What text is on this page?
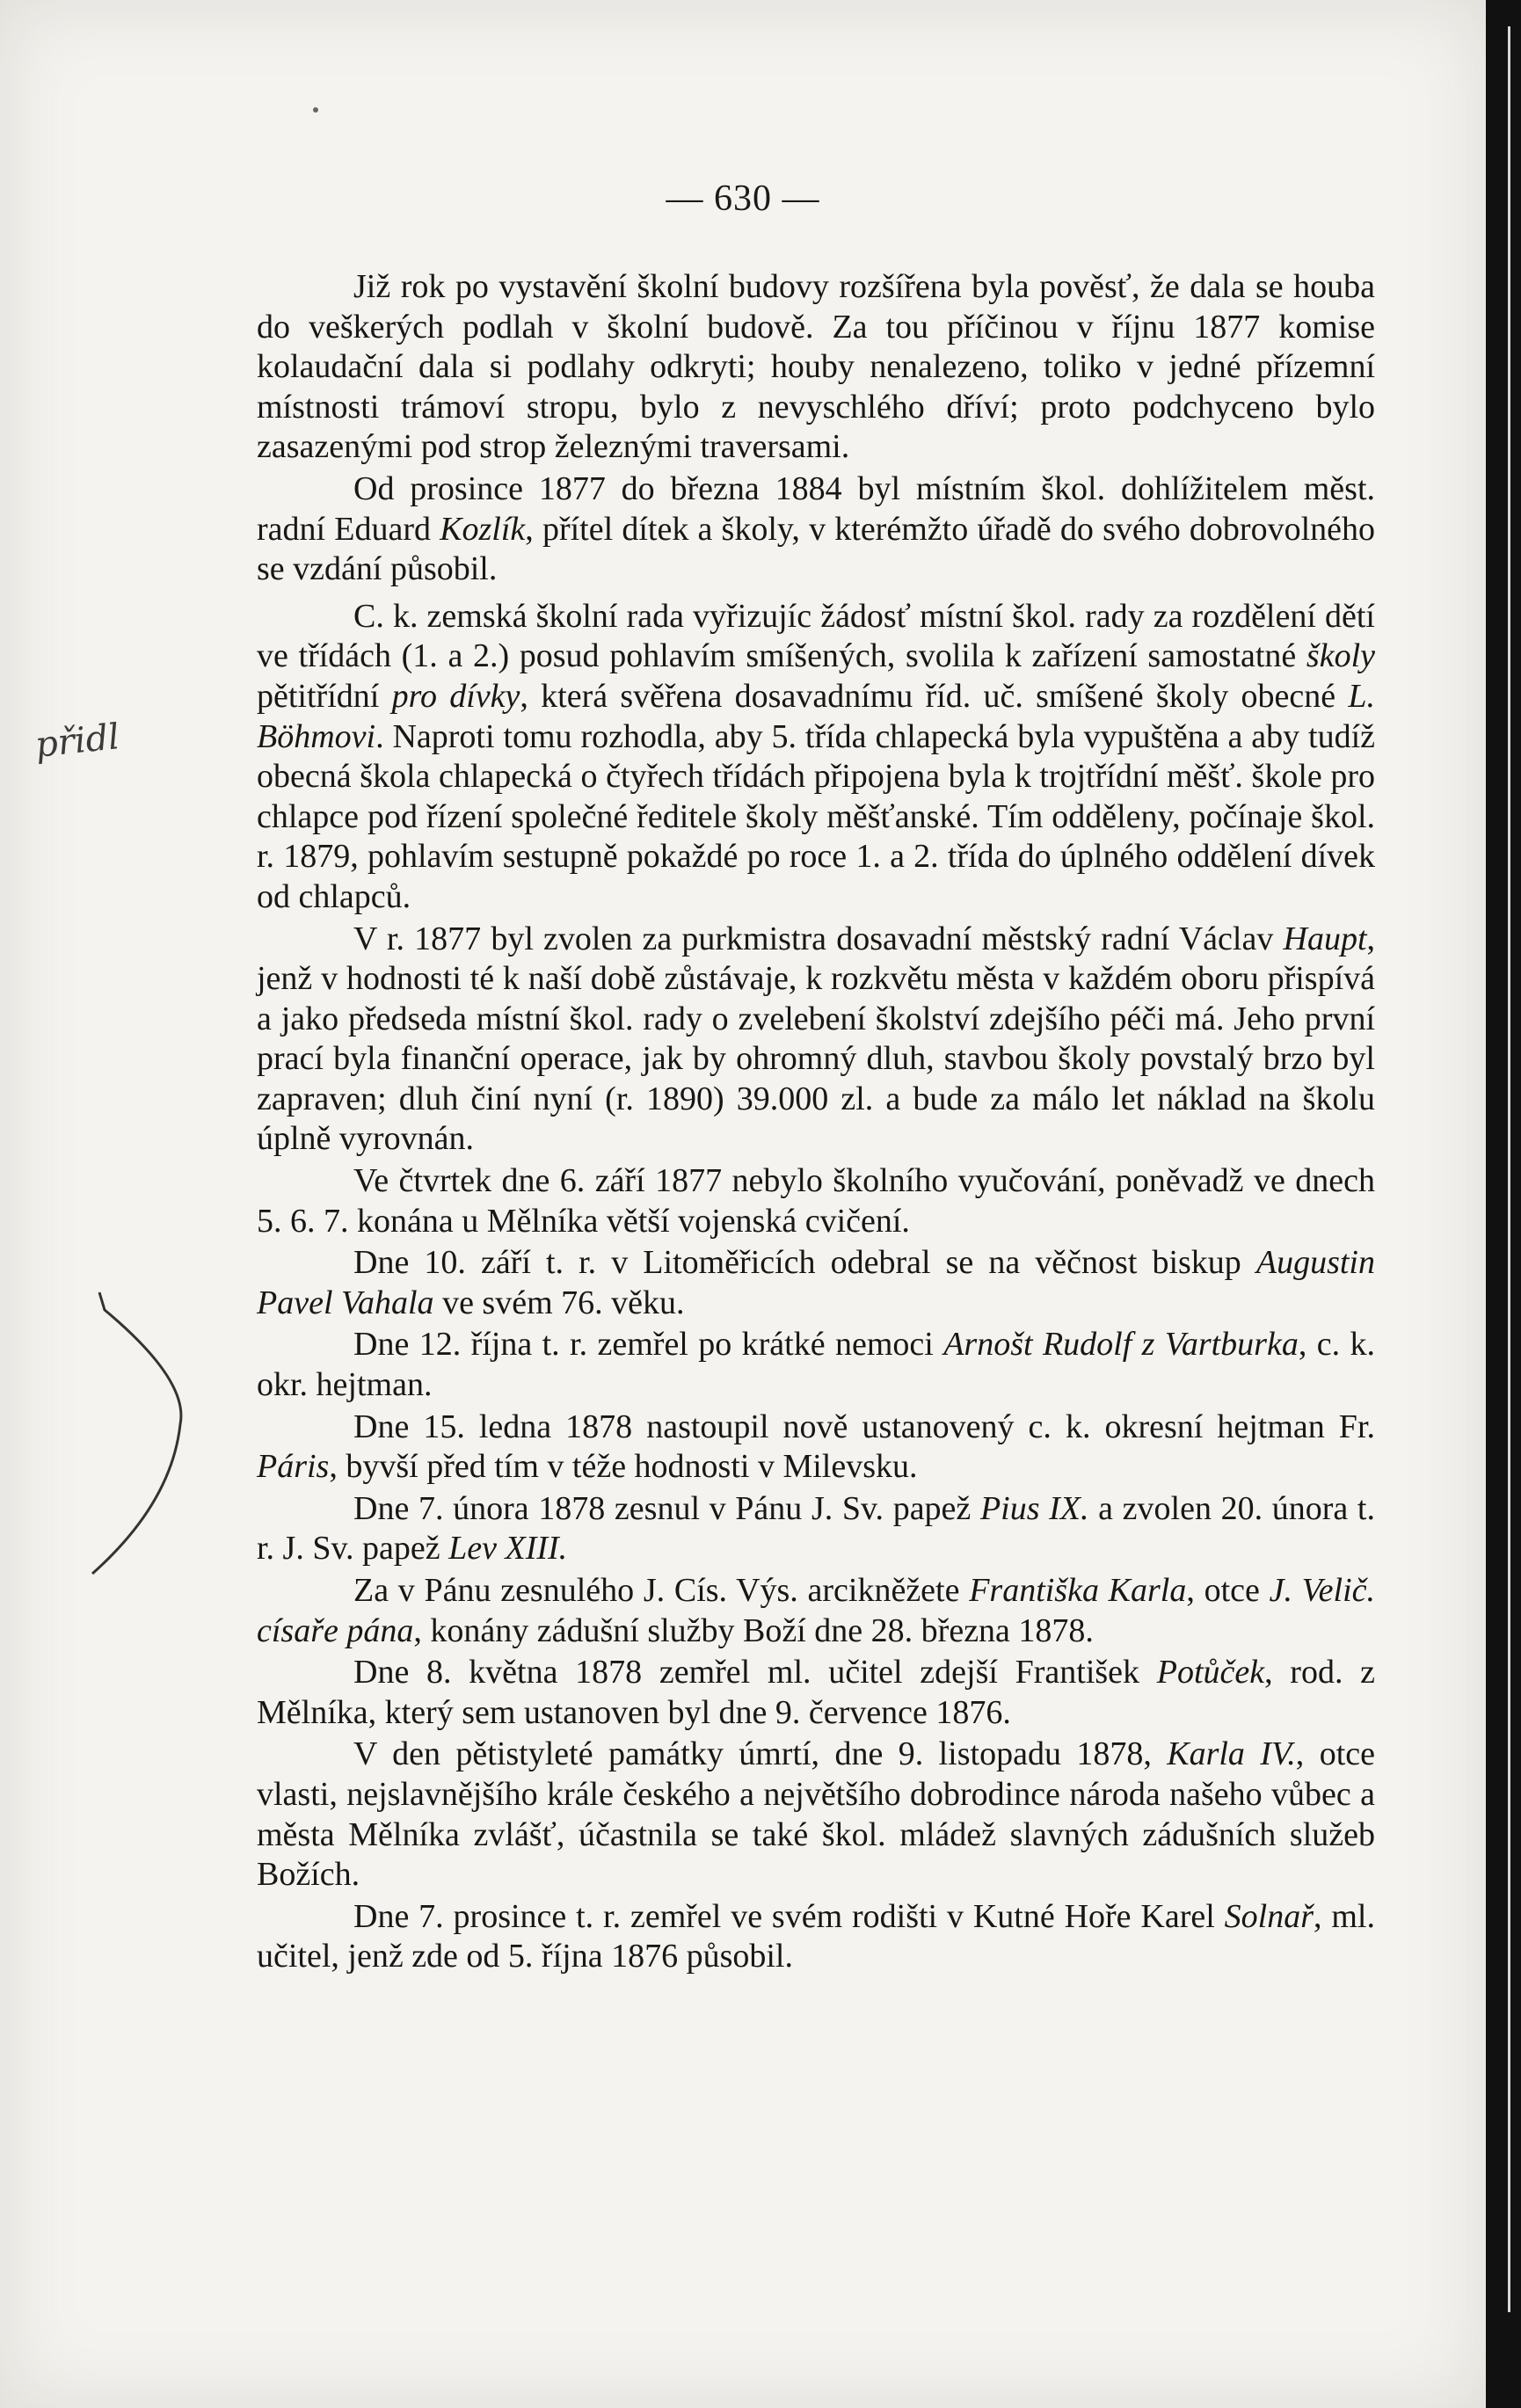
— 630 —
přidl

Již rok po vystavění školní budovy rozšířena byla pověsť, že dala se houba do veškerých podlah v školní budově. Za tou příčinou v říjnu 1877 komise kolaudační dala si podlahy odkryti; houby nenalezeno, toliko v jedné přízemní místnosti trámoví stropu, bylo z nevyschlého dříví; proto podchyceno bylo zasazenými pod strop železnými traversami.

Od prosince 1877 do března 1884 byl místním škol. dohlížitelem měst. radní Eduard Kozlík, přítel dítek a školy, v kterémžto úřadě do svého dobrovolného se vzdání působil.

C. k. zemská školní rada vyřizujíc žádosť místní škol. rady za rozdělení dětí ve třídách (1. a 2.) posud pohlavím smíšených, svolila k zařízení samostatné školy pětitřídní pro dívky, která svěřena dosavadnímu říd. uč. smíšené školy obecné L. Böhmovi. Naproti tomu rozhodla, aby 5. třída chlapecká byla vypuštěna a aby tudíž obecná škola chlapecká o čtyřech třídách připojena byla k trojtřídní měšť. škole pro chlapce pod řízení společné ředitele školy měšťanské. Tím odděleny, počínaje škol. r. 1879, pohlavím sestupně pokaždé po roce 1. a 2. třída do úplného oddělení dívek od chlapců.

V r. 1877 byl zvolen za purkmistra dosavadní městský radní Václav Haupt, jenž v hodnosti té k naší době zůstávaje, k rozkvětu města v každém oboru přispívá a jako předseda místní škol. rady o zvelebení školství zdejšího péči má. Jeho první prací byla finanční operace, jak by ohromný dluh, stavbou školy povstalý brzo byl zapraven; dluh činí nyní (r. 1890) 39.000 zl. a bude za málo let náklad na školu úplně vyrovnán.

Ve čtvrtek dne 6. září 1877 nebylo školního vyučování, poněvadž ve dnech 5. 6. 7. konána u Mělníka větší vojenská cvičení.

Dne 10. září t. r. v Litoměřicích odebral se na věčnost biskup Augustin Pavel Vahala ve svém 76. věku.

Dne 12. října t. r. zemřel po krátké nemoci Arnošt Rudolf z Vartburka, c. k. okr. hejtman.

Dne 15. ledna 1878 nastoupil nově ustanovený c. k. okresní hejtman Fr. Páris, byvší před tím v téže hodnosti v Milevsku.

Dne 7. února 1878 zesnul v Pánu J. Sv. papež Pius IX. a zvolen 20. února t. r. J. Sv. papež Lev XIII.

Za v Pánu zesnulého J. Cís. Výs. arcikněžete Františka Karla, otce J. Velič. císaře pána, konány zádušní služby Boží dne 28. března 1878.

Dne 8. května 1878 zemřel ml. učitel zdejší František Potůček, rod. z Mělníka, který sem ustanoven byl dne 9. července 1876.

V den pětistyleté památky úmrtí, dne 9. listopadu 1878, Karla IV., otce vlasti, nejslavnějšího krále českého a největšího dobrodince národa našeho vůbec a města Mělníka zvlášť, účastnila se také škol. mládež slavných zádušních služeb Božích.

Dne 7. prosince t. r. zemřel ve svém rodišti v Kutné Hoře Karel Solnař, ml. učitel, jenž zde od 5. října 1876 působil.
